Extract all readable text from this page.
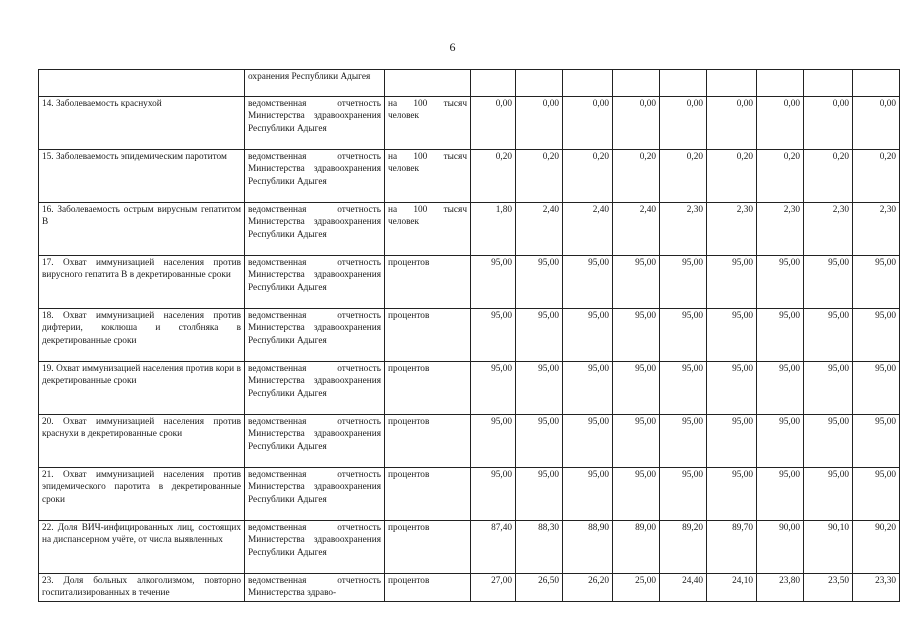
6
	охранения Республики Адыгея										
14. Заболеваемость краснухой	ведомственная отчетность Министерства здравоохранения Республики Адыгея	на 100 тысяч человек	0,00	0,00	0,00	0,00	0,00	0,00	0,00	0,00	0,00
15. Заболеваемость эпидемическим паротитом	ведомственная отчетность Министерства здравоохранения Республики Адыгея	на 100 тысяч человек	0,20	0,20	0,20	0,20	0,20	0,20	0,20	0,20	0,20
16. Заболеваемость острым вирусным гепатитом В	ведомственная отчетность Министерства здравоохранения Республики Адыгея	на 100 тысяч человек	1,80	2,40	2,40	2,40	2,30	2,30	2,30	2,30	2,30
17. Охват иммунизацией населения против вирусного гепатита В в декретированные сроки	ведомственная отчетность Министерства здравоохранения Республики Адыгея	процентов	95,00	95,00	95,00	95,00	95,00	95,00	95,00	95,00	95,00
18. Охват иммунизацией населения против дифтерии, коклюша и столбняка в декретированные сроки	ведомственная отчетность Министерства здравоохранения Республики Адыгея	процентов	95,00	95,00	95,00	95,00	95,00	95,00	95,00	95,00	95,00
19. Охват иммунизацией населения против кори в декретированные сроки	ведомственная отчетность Министерства здравоохранения Республики Адыгея	процентов	95,00	95,00	95,00	95,00	95,00	95,00	95,00	95,00	95,00
20. Охват иммунизацией населения против краснухи в декретированные сроки	ведомственная отчетность Министерства здравоохранения Республики Адыгея	процентов	95,00	95,00	95,00	95,00	95,00	95,00	95,00	95,00	95,00
21. Охват иммунизацией населения против эпидемического паротита в декретированные сроки	ведомственная отчетность Министерства здравоохранения Республики Адыгея	процентов	95,00	95,00	95,00	95,00	95,00	95,00	95,00	95,00	95,00
22. Доля ВИЧ-инфицированных лиц, состоящих на диспансерном учёте, от числа выявленных	ведомственная отчетность Министерства здравоохранения Республики Адыгея	процентов	87,40	88,30	88,90	89,00	89,20	89,70	90,00	90,10	90,20
23. Доля больных алкоголизмом, повторно госпитализированных в течение	ведомственная отчетность Министерства здраво-	процентов	27,00	26,50	26,20	25,00	24,40	24,10	23,80	23,50	23,30
